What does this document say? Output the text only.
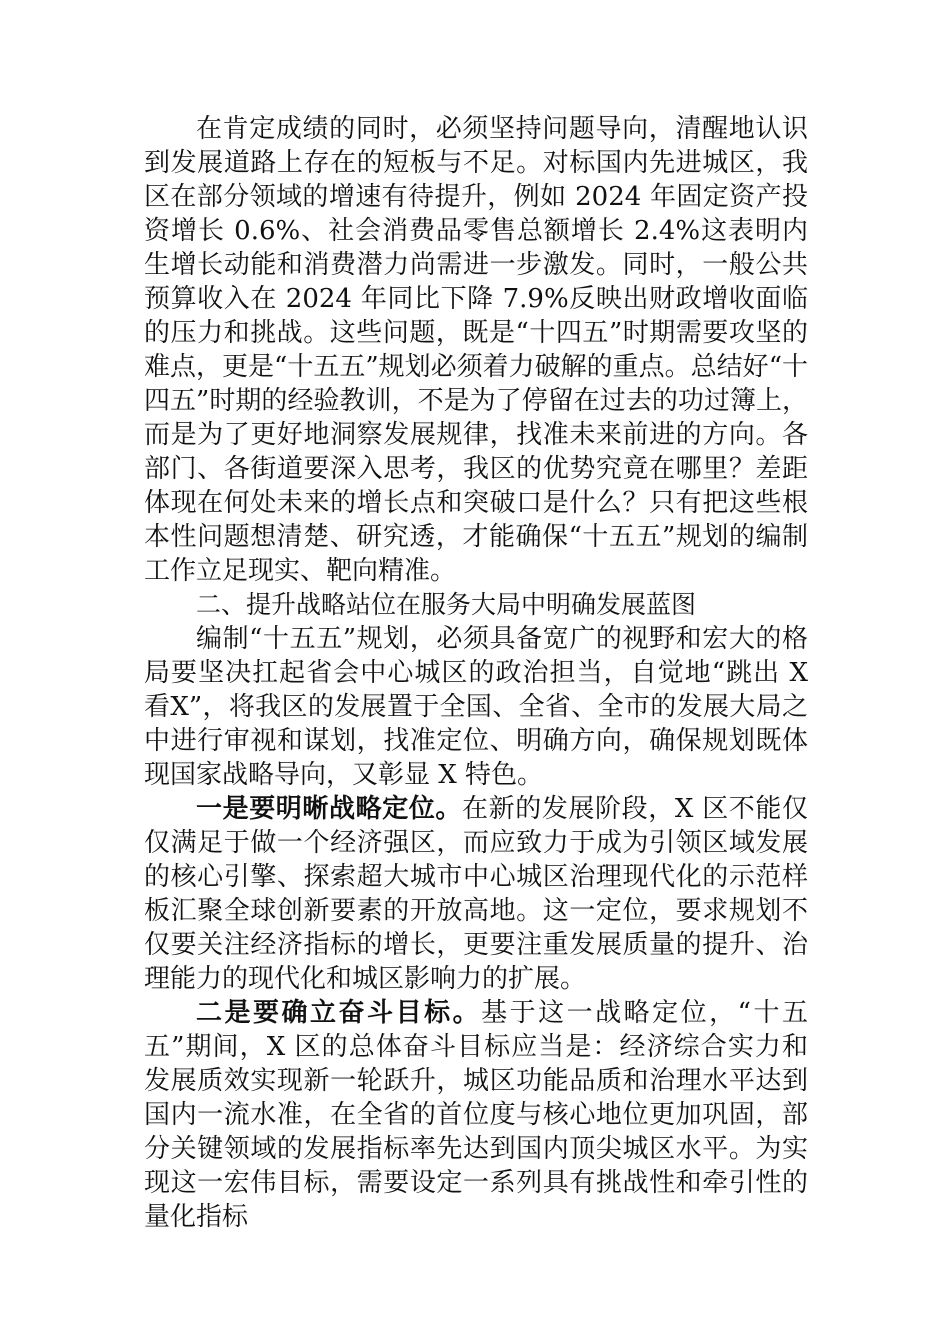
在肯定成绩的同时，必须坚持问题导向，清醒地认识到发展道路上存在的短板与不足。对标国内先进城区，我区在部分领域的增速有待提升，例如 2024 年固定资产投资增长 0.6%、社会消费品零售总额增长 2.4%这表明内生增长动能和消费潜力尚需进一步激发。同时，一般公共预算收入在 2024 年同比下降 7.9%反映出财政增收面临的压力和挑战。这些问题，既是“十四五”时期需要攻坚的难点，更是“十五五”规划必须着力破解的重点。总结好“十四五”时期的经验教训，不是为了停留在过去的功过簿上，而是为了更好地洞察发展规律，找准未来前进的方向。各部门、各街道要深入思考，我区的优势究竟在哪里？差距体现在何处未来的增长点和突破口是什么？只有把这些根本性问题想清楚、研究透，才能确保“十五五”规划的编制工作立足现实、靶向精准。

二、提升战略站位在服务大局中明确发展蓝图

编制“十五五”规划，必须具备宽广的视野和宏大的格局要坚决扛起省会中心城区的政治担当，自觉地“跳出 X 看X”，将我区的发展置于全国、全省、全市的发展大局之中进行审视和谋划，找准定位、明确方向，确保规划既体现国家战略导向，又彰显 X 特色。

一是要明晰战略定位。在新的发展阶段，X 区不能仅仅满足于做一个经济强区，而应致力于成为引领区域发展的核心引擎、探索超大城市中心城区治理现代化的示范样板汇聚全球创新要素的开放高地。这一定位，要求规划不仅要关注经济指标的增长，更要注重发展质量的提升、治理能力的现代化和城区影响力的扩展。

二是要确立奋斗目标。基于这一战略定位，“十五五”期间，X 区的总体奋斗目标应当是：经济综合实力和发展质效实现新一轮跃升，城区功能品质和治理水平达到国内一流水准，在全省的首位度与核心地位更加巩固，部分关键领域的发展指标率先达到国内顶尖城区水平。为实现这一宏伟目标，需要设定一系列具有挑战性和牵引性的量化指标
